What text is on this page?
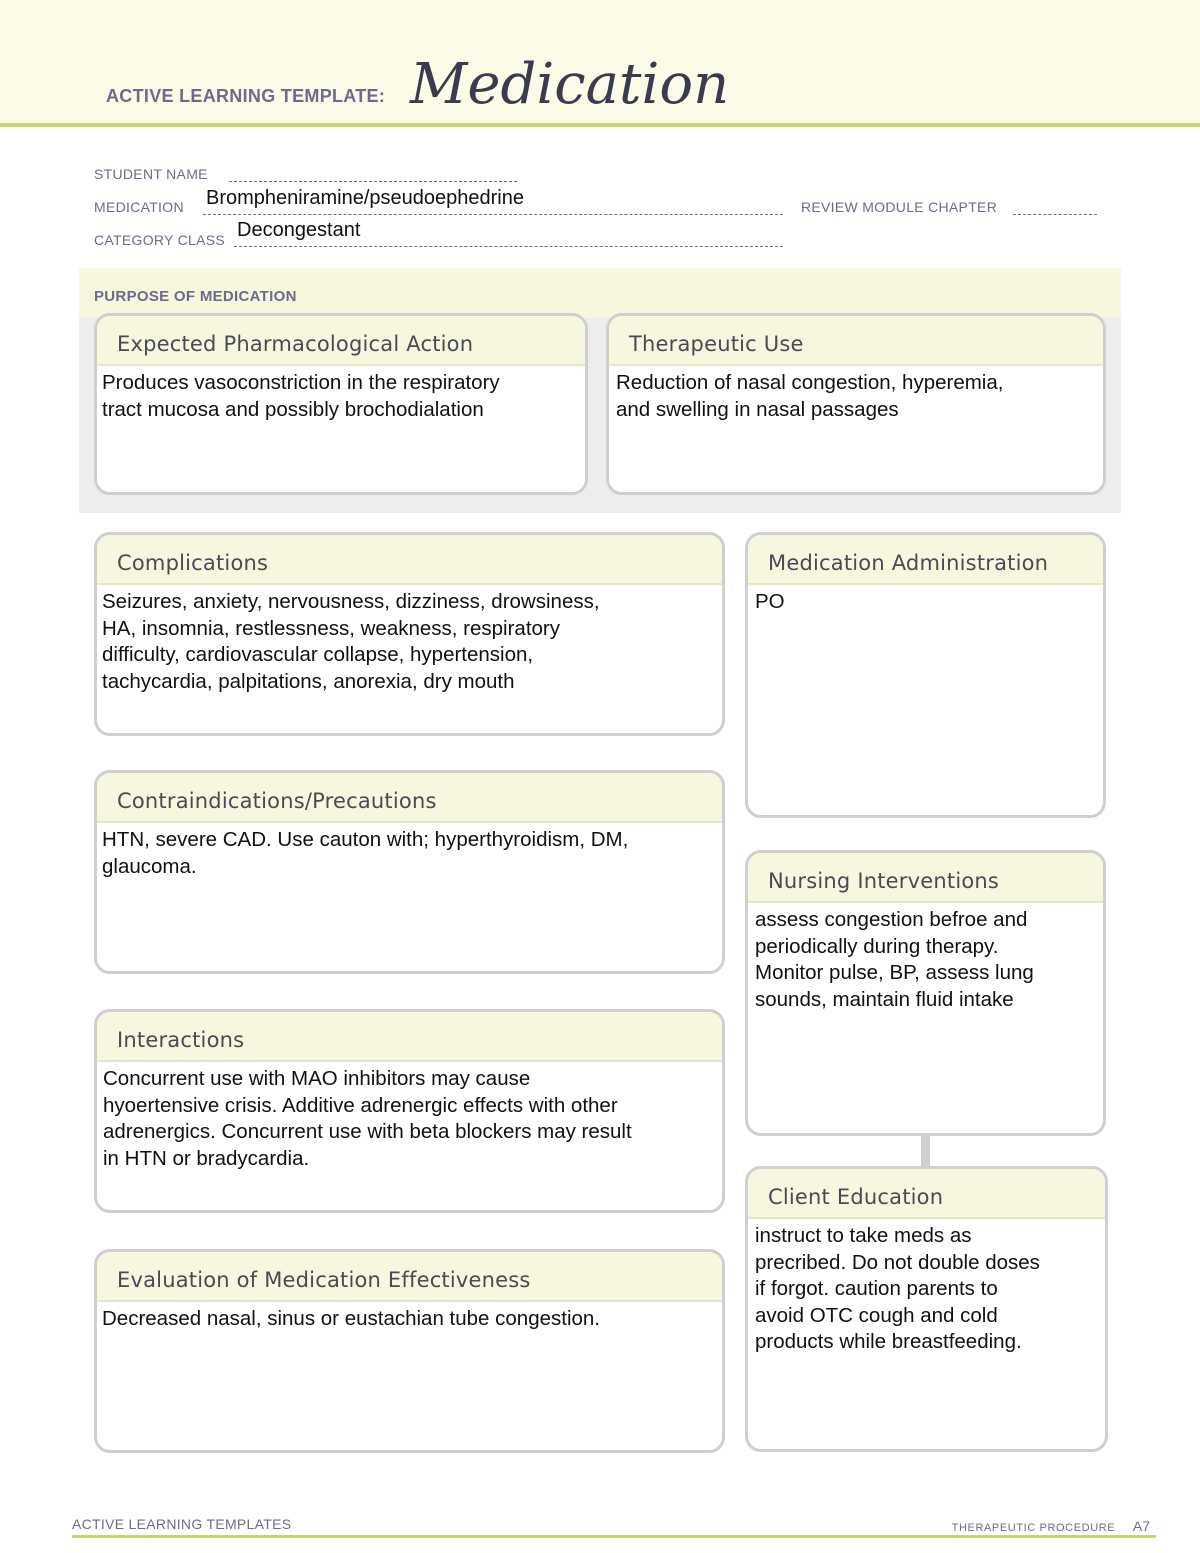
ACTIVE LEARNING TEMPLATE: Medication
STUDENT NAME
MEDICATION Brompheniramine/pseudoephedrine	REVIEW MODULE CHAPTER
CATEGORY CLASS Decongestant
PURPOSE OF MEDICATION
Expected Pharmacological Action
Produces vasoconstriction in the respiratory
tract mucosa and possibly brochodialation
Therapeutic Use
Reduction of nasal congestion, hyperemia,
and swelling in nasal passages
Complications
Seizures, anxiety, nervousness, dizziness, drowsiness,
HA, insomnia, restlessness, weakness, respiratory
difficulty, cardiovascular collapse, hypertension,
tachycardia, palpitations, anorexia, dry mouth
Medication Administration
PO
Contraindications/Precautions
HTN, severe CAD. Use cauton with; hyperthyroidism, DM,
glaucoma.
Nursing Interventions
assess congestion befroe and
periodically during therapy.
Monitor pulse, BP, assess lung
sounds, maintain fluid intake
Interactions
Concurrent use with MAO inhibitors may cause
hyoertensive crisis. Additive adrenergic effects with other
adrenergics. Concurrent use with beta blockers may result
in HTN or bradycardia.
Client Education
instruct to take meds as
precribed. Do not double doses
if forgot. caution parents to
avoid OTC cough and cold
products while breastfeeding.
Evaluation of Medication Effectiveness
Decreased nasal, sinus or eustachian tube congestion.
ACTIVE LEARNING TEMPLATES	THERAPEUTIC PROCEDURE A7
